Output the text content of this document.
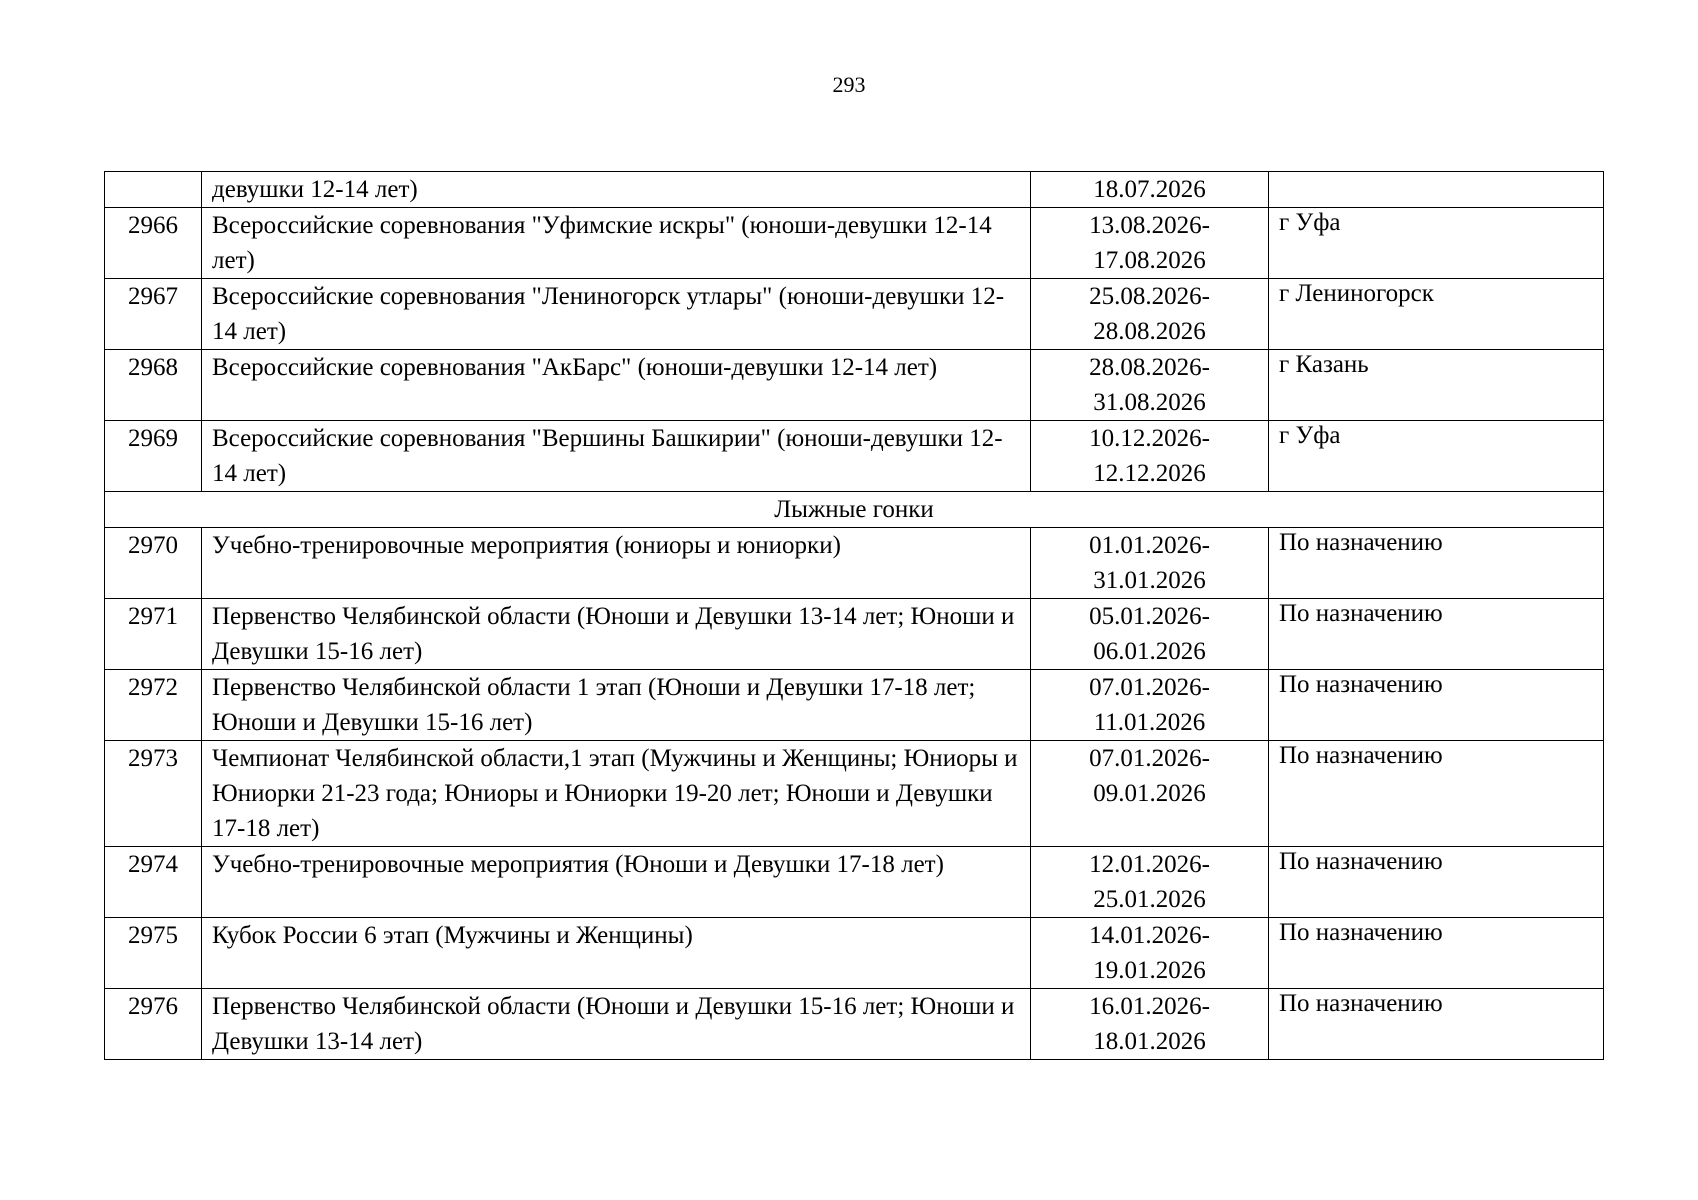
293
	девушки 12-14 лет)	18.07.2026	

2966	Всероссийские соревнования "Уфимские искры" (юноши-девушки 12-14 лет)	13.08.2026-17.08.2026	г Уфа

2967	Всероссийские соревнования "Лениногорск утлары" (юноши-девушки 12-14 лет)	25.08.2026-28.08.2026	г Лениногорск

2968	Всероссийские соревнования "АкБарс" (юноши-девушки 12-14 лет)	28.08.2026-31.08.2026	г Казань

2969	Всероссийские соревнования "Вершины Башкирии" (юноши-девушки 12-14 лет)	10.12.2026-12.12.2026	г Уфа

Лыжные гонки			
2970	Учебно-тренировочные мероприятия (юниоры и юниорки)	01.01.2026-31.01.2026	По назначению

2971	Первенство Челябинской области (Юноши и Девушки 13-14 лет; Юноши и Девушки 15-16 лет)	05.01.2026-06.01.2026	По назначению

2972	Первенство Челябинской области 1 этап (Юноши и Девушки 17-18 лет; Юноши и Девушки 15-16 лет)	07.01.2026-11.01.2026	По назначению

2973	Чемпионат Челябинской области,1 этап (Мужчины и Женщины; Юниоры и Юниорки 21-23 года; Юниоры и Юниорки 19-20 лет; Юноши и Девушки 17-18 лет)	07.01.2026-09.01.2026	По назначению

2974	Учебно-тренировочные мероприятия (Юноши и Девушки 17-18 лет)	12.01.2026-25.01.2026	По назначению

2975	Кубок России 6 этап (Мужчины и Женщины)	14.01.2026-19.01.2026	По назначению

2976	Первенство Челябинской области (Юноши и Девушки 15-16 лет; Юноши и Девушки 13-14 лет)	16.01.2026-18.01.2026	По назначению
